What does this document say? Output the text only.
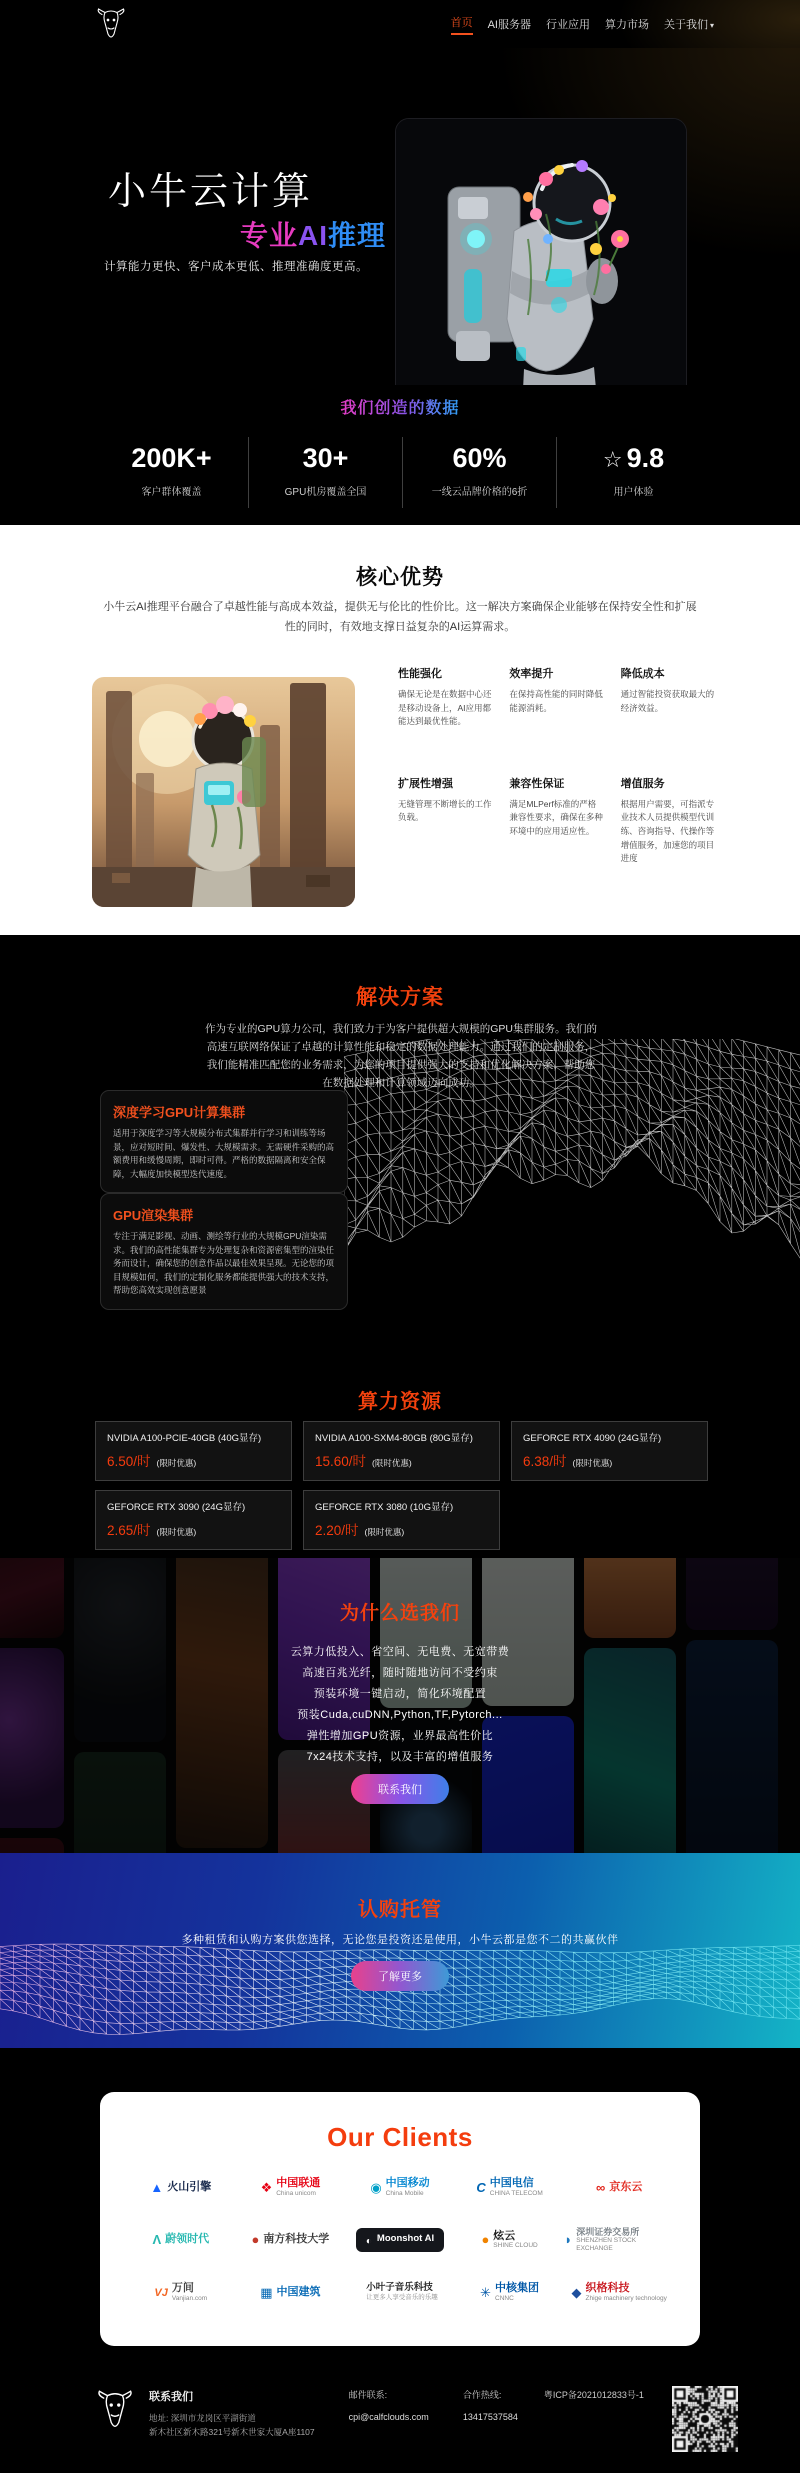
首页 AI服务器 行业应用 算力市场 关于我们 ▾
小牛云计算
专业AI推理
计算能力更快、客户成本更低、推理准确度更高。
我们创造的数据
200K+
客户群体覆盖
30+
GPU机房覆盖全国
60%
一线云品牌价格的6折
☆ 9.8
用户体验
核心优势
小牛云AI推理平台融合了卓越性能与高成本效益，提供无与伦比的性价比。这一解决方案确保企业能够在保持安全性和扩展性的同时，有效地支撑日益复杂的AI运算需求。
性能强化
确保无论是在数据中心还是移动设备上，AI应用都能达到最优性能。
效率提升
在保持高性能的同时降低能源消耗。
降低成本
通过智能投资获取最大的经济效益。
扩展性增强
无缝管理不断增长的工作负载。
兼容性保证
满足MLPerf标准的严格兼容性要求，确保在多种环境中的应用适应性。
增值服务
根据用户需要，可指派专业技术人员提供模型代训练、咨询指导、代操作等增值服务，加速您的项目进度
解决方案
作为专业的GPU算力公司，我们致力于为客户提供超大规模的GPU集群服务。我们的高速互联网络保证了卓越的计算性能和稳定的数据处理能力。通过我们的定制服务，我们能精准匹配您的业务需求，为您的项目提供强大的支持和优化解决方案，帮助您在数据处理和计算领域迈向成功。
深度学习GPU计算集群
适用于深度学习等大规模分布式集群并行学习和训练等场景，应对短时间、爆发性、大规模需求。无需硬件采购的高额费用和缓慢周期，即时可得。严格的数据隔离和安全保障，大幅度加快模型迭代速度。
GPU渲染集群
专注于满足影视、动画、测绘等行业的大规模GPU渲染需求。我们的高性能集群专为处理复杂和资源密集型的渲染任务而设计，确保您的创意作品以最佳效果呈现。无论您的项目规模如何，我们的定制化服务都能提供强大的技术支持，帮助您高效实现创意愿景
算力资源
NVIDIA A100-PCIE-40GB (40G显存)
6.50/时 (限时优惠)
NVIDIA A100-SXM4-80GB (80G显存)
15.60/时 (限时优惠)
GEFORCE RTX 4090 (24G显存)
6.38/时 (限时优惠)
GEFORCE RTX 3090 (24G显存)
2.65/时 (限时优惠)
GEFORCE RTX 3080 (10G显存)
2.20/时 (限时优惠)
为什么选我们
云算力低投入、省空间、无电费、无宽带费
高速百兆光纤，随时随地访问不受约束
预装环境一键启动，简化环境配置
预装Cuda,cuDNN,Python,TF,Pytorch...
弹性增加GPU资源，业界最高性价比
7x24技术支持，以及丰富的增值服务
联系我们
认购托管
多种租赁和认购方案供您选择，无论您是投资还是使用，小牛云都是您不二的共赢伙伴
了解更多
Our Clients
▲
火山引擎 ❖	中国联通
China unicom
◉
中国移动
China Mobile
C
中国电信
CHINA TELECOM
∞
京东云
Λ
蔚领时代 ●	南方科技大学 ◐	Moonshot AI ●	炫云
SHINE CLOUD
◗
深圳证券交易所
SHENZHEN STOCK EXCHANGE
VJ
万间
Vanjian.com
▦
中国建筑	小叶子音乐科技
让更多人享受音乐的乐趣
✳
中核集团
CNNC
◆
织格科技
Zhige machinery technology
联系我们
地址: 深圳市龙岗区平湖街道
新木社区新木路321号新木世家大厦A座1107
邮件联系:
cpi@calfclouds.com
合作热线:
13417537584
粤ICP备2021012833号-1
